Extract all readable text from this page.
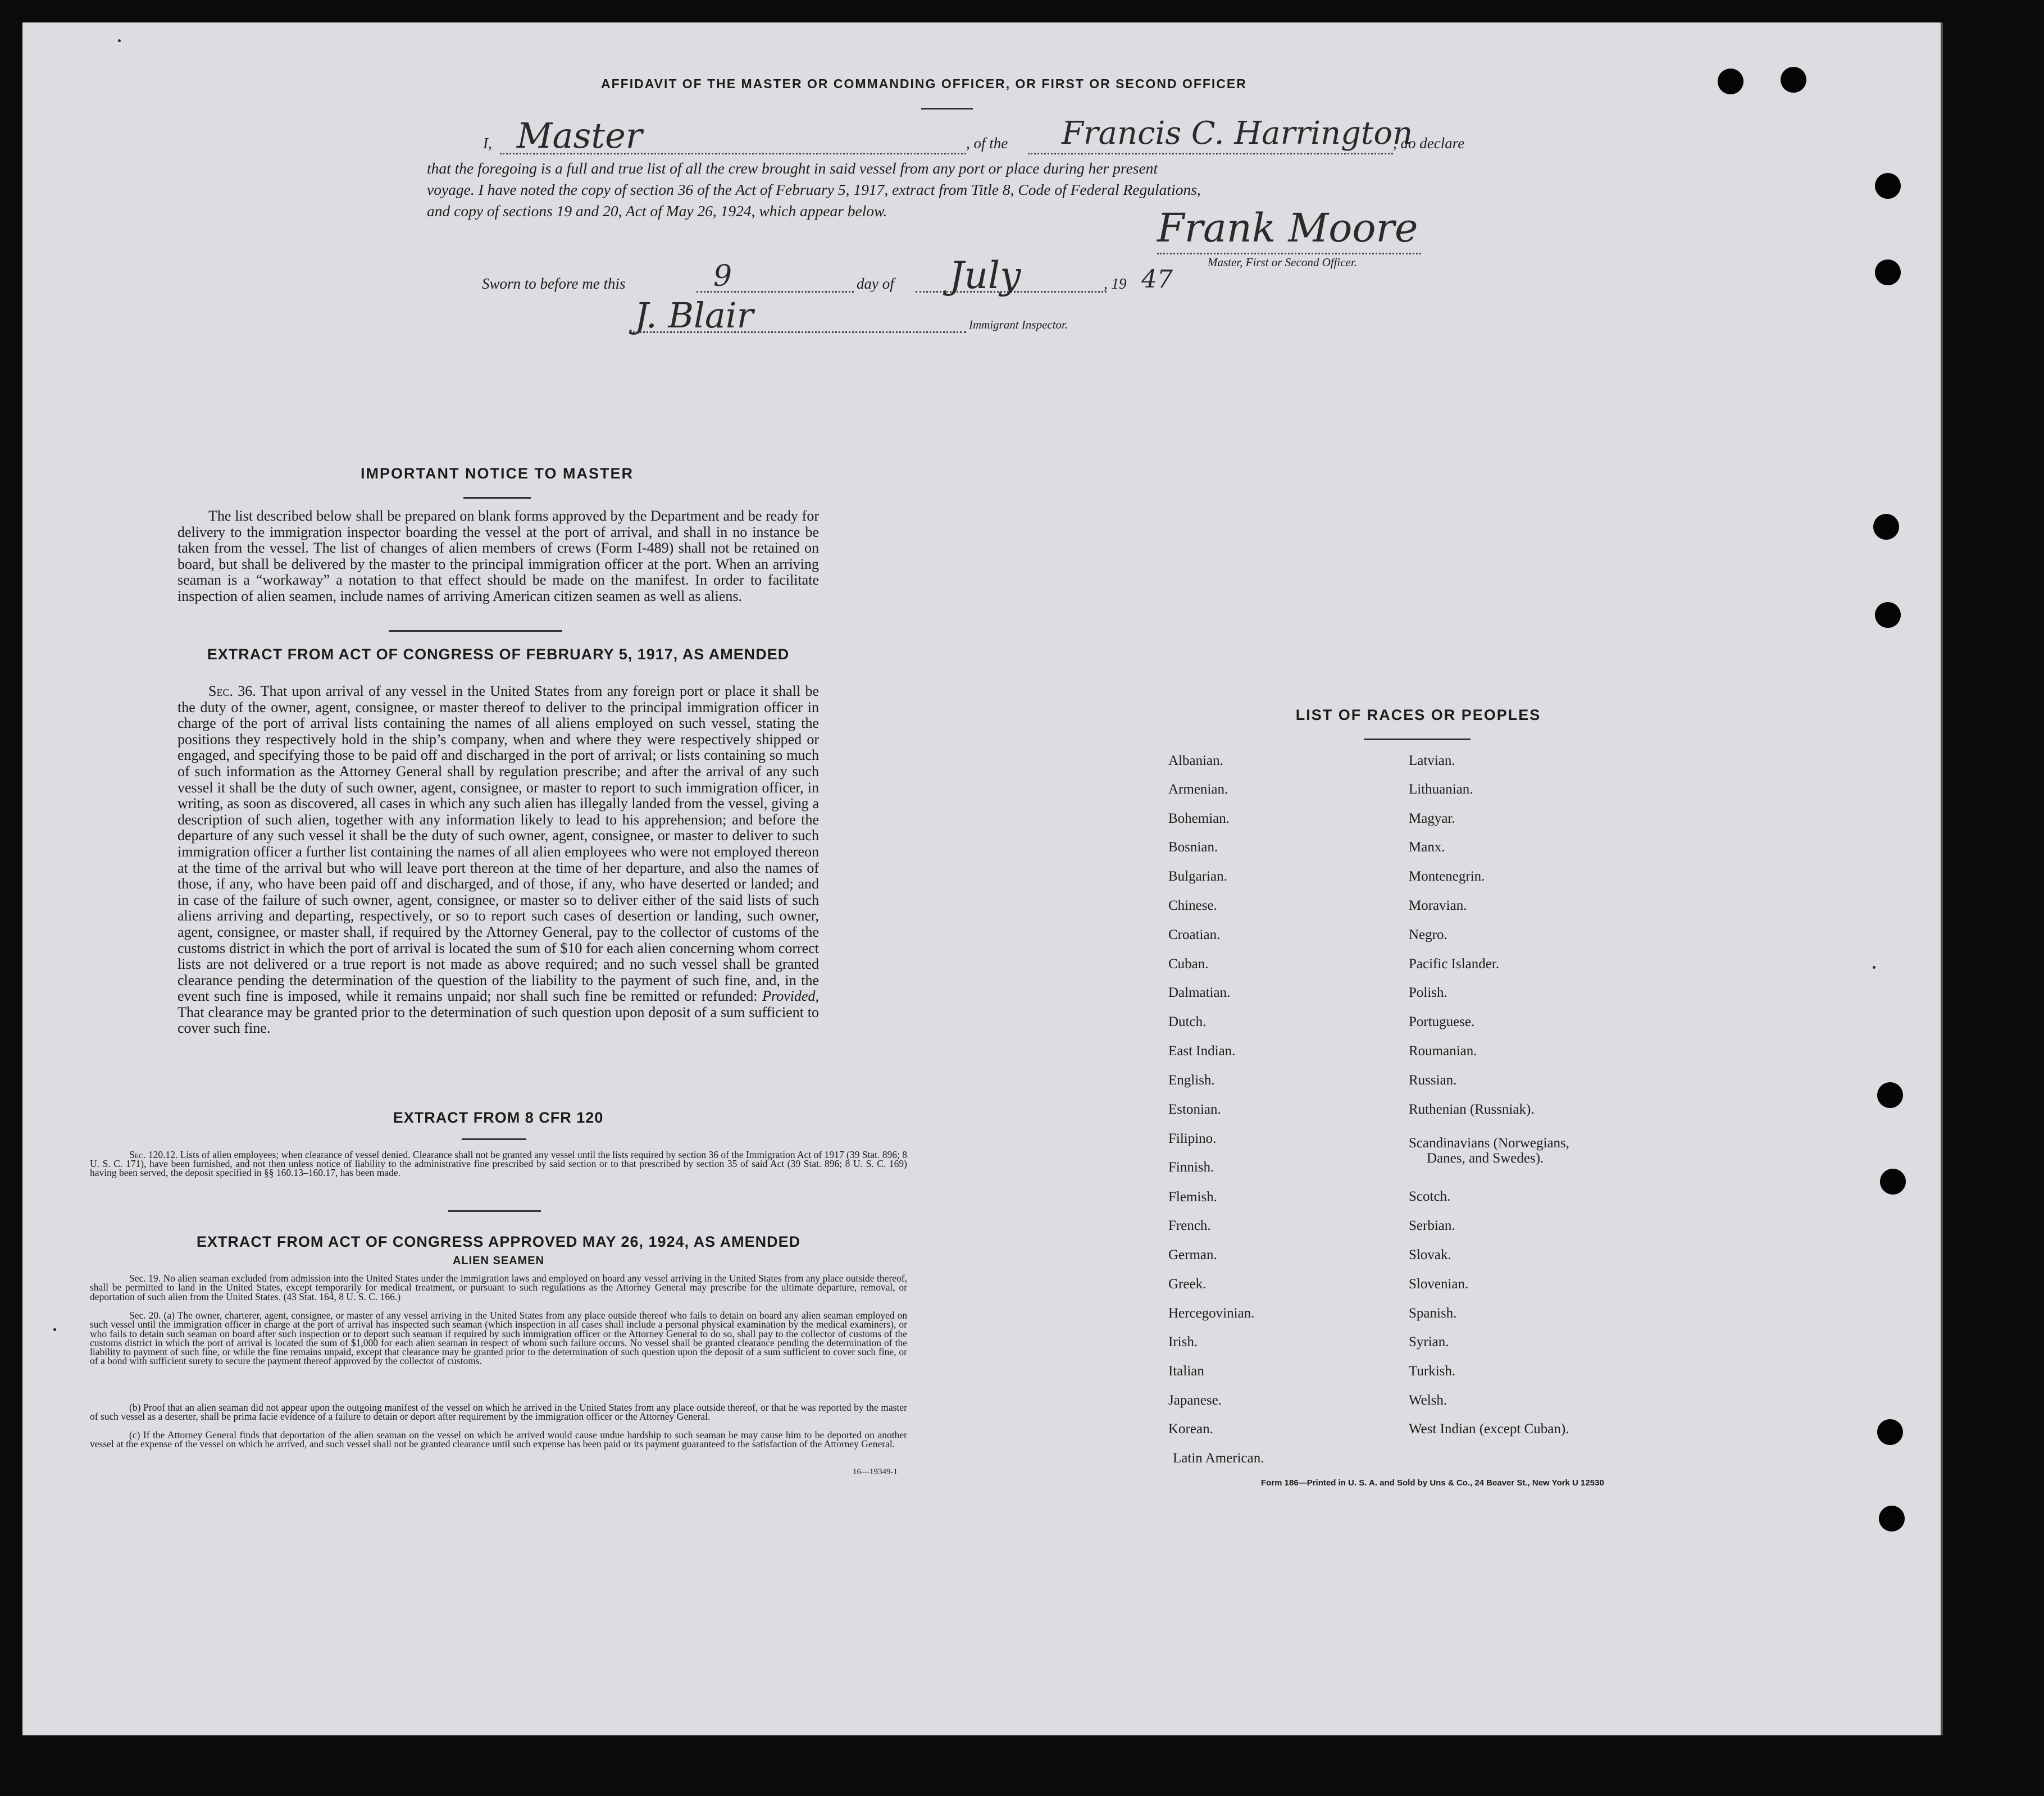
AFFIDAVIT OF THE MASTER OR COMMANDING OFFICER, OR FIRST OR SECOND OFFICER
I, Master	, of the Francis C. Harrington
, do declare
that the foregoing is a full and true list of all the crew brought in said vessel from any port or place during her present
voyage. I have noted the copy of section 36 of the Act of February 5, 1917, extract from Title 8, Code of Federal Regulations,
and copy of sections 19 and 20, Act of May 26, 1924, which appear below.	Frank Moore
Master, First or Second Officer.
Sworn to before me this	9	day of July	, 19 47
J. Blair	Immigrant Inspector.
IMPORTANT NOTICE TO MASTER
The list described below shall be prepared on blank forms approved by the Department and be ready for delivery to the immigration inspector boarding the vessel at the port of arrival, and shall in no instance be taken from the vessel. The list of changes of alien members of crews (Form I-489) shall not be retained on board, but shall be delivered by the master to the principal immigration officer at the port. When an arriving seaman is a “workaway” a notation to that effect should be made on the manifest. In order to facilitate inspection of alien seamen, include names of arriving American citizen seamen as well as aliens.
EXTRACT FROM ACT OF CONGRESS OF FEBRUARY 5, 1917, AS AMENDED
Sec. 36. That upon arrival of any vessel in the United States from any foreign port or place it shall be the duty of the owner, agent, consignee, or master thereof to deliver to the principal immigration officer in charge of the port of arrival lists containing the names of all aliens employed on such vessel, stating the positions they respectively hold in the ship’s company, when and where they were respectively shipped or engaged, and specifying those to be paid off and discharged in the port of arrival; or lists containing so much of such information as the Attorney General shall by regulation prescribe; and after the arrival of any such vessel it shall be the duty of such owner, agent, consignee, or master to report to such immigration officer, in writing, as soon as discovered, all cases in which any such alien has illegally landed from the vessel, giving a description of such alien, together with any information likely to lead to his apprehension; and before the departure of any such vessel it shall be the duty of such owner, agent, consignee, or master to deliver to such immigration officer a further list containing the names of all alien employees who were not employed thereon at the time of the arrival but who will leave port thereon at the time of her departure, and also the names of those, if any, who have been paid off and discharged, and of those, if any, who have deserted or landed; and in case of the failure of such owner, agent, consignee, or master so to deliver either of the said lists of such aliens arriving and departing, respectively, or so to report such cases of desertion or landing, such owner, agent, consignee, or master shall, if required by the Attorney General, pay to the collector of customs of the customs district in which the port of arrival is located the sum of $10 for each alien concerning whom correct lists are not delivered or a true report is not made as above required; and no such vessel shall be granted clearance pending the determination of the question of the liability to the payment of such fine, and, in the event such fine is imposed, while it remains unpaid; nor shall such fine be remitted or refunded: Provided, That clearance may be granted prior to the determination of such question upon deposit of a sum sufficient to cover such fine.
EXTRACT FROM 8 CFR 120
Sec. 120.12. Lists of alien employees; when clearance of vessel denied. Clearance shall not be granted any vessel until the lists required by section 36 of the Immigration Act of 1917 (39 Stat. 896; 8 U. S. C. 171), have been furnished, and not then unless notice of liability to the administrative fine prescribed by said section or to that prescribed by section 35 of said Act (39 Stat. 896; 8 U. S. C. 169) having been served, the deposit specified in §§ 160.13–160.17, has been made.
EXTRACT FROM ACT OF CONGRESS APPROVED MAY 26, 1924, AS AMENDED
ALIEN SEAMEN
Sec. 19. No alien seaman excluded from admission into the United States under the immigration laws and employed on board any vessel arriving in the United States from any place outside thereof, shall be permitted to land in the United States, except temporarily for medical treatment, or pursuant to such regulations as the Attorney General may prescribe for the ultimate departure, removal, or deportation of such alien from the United States. (43 Stat. 164, 8 U. S. C. 166.)
Sec. 20. (a) The owner, charterer, agent, consignee, or master of any vessel arriving in the United States from any place outside thereof who fails to detain on board any alien seaman employed on such vessel until the immigration officer in charge at the port of arrival has inspected such seaman (which inspection in all cases shall include a personal physical examination by the medical examiners), or who fails to detain such seaman on board after such inspection or to deport such seaman if required by such immigration officer or the Attorney General to do so, shall pay to the collector of customs of the customs district in which the port of arrival is located the sum of $1,000 for each alien seaman in respect of whom such failure occurs. No vessel shall be granted clearance pending the determination of the liability to payment of such fine, or while the fine remains unpaid, except that clearance may be granted prior to the determination of such question upon the deposit of a sum sufficient to cover such fine, or of a bond with sufficient surety to secure the payment thereof approved by the collector of customs.
(b) Proof that an alien seaman did not appear upon the outgoing manifest of the vessel on which he arrived in the United States from any place outside thereof, or that he was reported by the master of such vessel as a deserter, shall be prima facie evidence of a failure to detain or deport after requirement by the immigration officer or the Attorney General.
(c) If the Attorney General finds that deportation of the alien seaman on the vessel on which he arrived would cause undue hardship to such seaman he may cause him to be deported on another vessel at the expense of the vessel on which he arrived, and such vessel shall not be granted clearance until such expense has been paid or its payment guaranteed to the satisfaction of the Attorney General.
16—19349-1
LIST OF RACES OR PEOPLES
Albanian.
Armenian.
Bohemian.
Bosnian.
Bulgarian.
Chinese.
Croatian.
Cuban.
Dalmatian.
Dutch.
East Indian.
English.
Estonian.
Filipino.
Finnish.
Flemish.
French.
German.
Greek.
Hercegovinian.
Irish.
Italian
Japanese.
Korean.
Latin American.
Latvian.
Lithuanian.
Magyar.
Manx.
Montenegrin.
Moravian.
Negro.
Pacific Islander.
Polish.
Portuguese.
Roumanian.
Russian.
Ruthenian (Russniak).
Scandinavians (Norwegians,
Danes, and Swedes).
Scotch.
Serbian.
Slovak.
Slovenian.
Spanish.
Syrian.
Turkish.
Welsh.
West Indian (except Cuban).
Form 186—Printed in U. S. A. and Sold by Uns & Co., 24 Beaver St., New York U 12530
